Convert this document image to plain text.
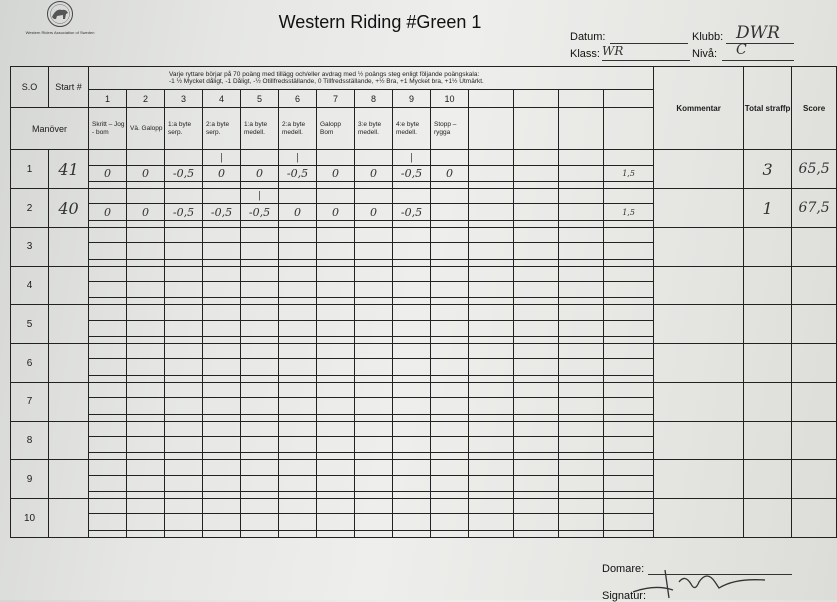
Western Riders Association of Sweden
Western Riding #Green 1
Datum:	Klubb: DWR
Klass: WR	Nivå: C
S.O	Start #	Varje ryttare börjar på 70 poäng med tillägg och/eller avdrag med ½ poängs steg enligt följande poängskala:
-1 ½ Mycket dåligt, -1 Dåligt, -½ Otillfredsställande, 0 Tillfredsställande, +½ Bra, +1 Mycket bra, +1½ Utmärkt.														Kommentar	Total straffp	Score
		1	2	3	4	5	6	7	8	9	10							
Manöver		Skritt – Jog - bom	Vä. Galopp	1:a byte serp.	2:a byte serp.	1:a byte medell.	2:a byte medell.	Galopp Bom	3:e byte medell.	4:e byte medell.	Stopp – rygga							
1	41				|		|			|							3	65,5
		0	0	-0,5	0	0	-0,5	0	0	-0,5	0				1,5			

2	40					|											1	67,5
		0	0	-0,5	-0,5	-0,5	0	0	0	-0,5					1,5			

3																		

4																		

5																		

6																		

7																		

8																		

9																		

10																		

Domare:
Signatur:
